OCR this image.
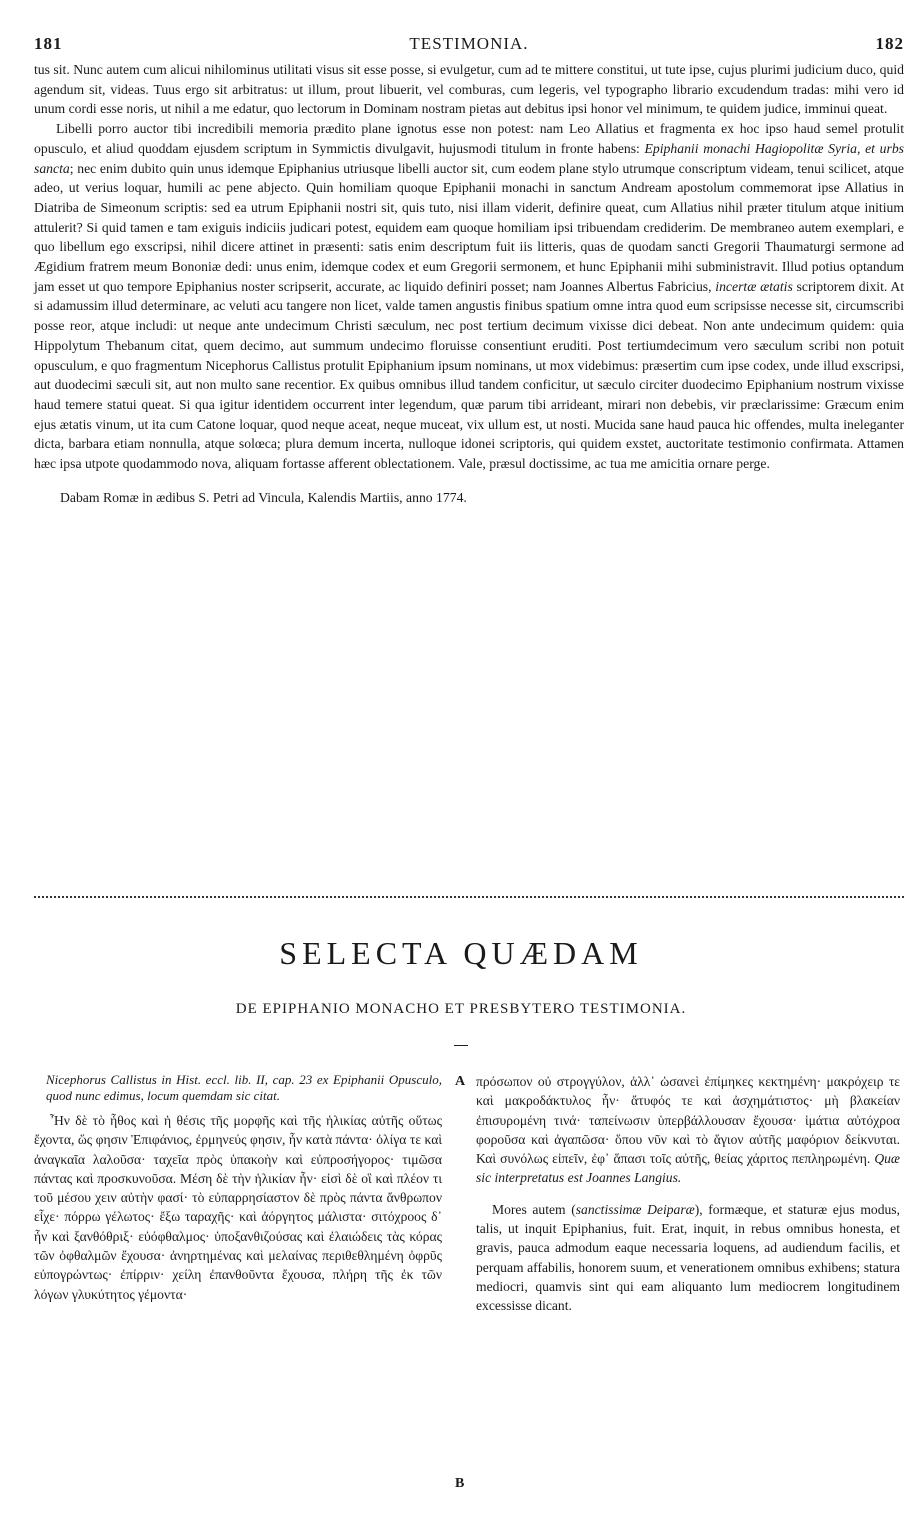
181	TESTIMONIA.	182

tus sit. Nunc autem cum alicui nihilominus utilitati visus sit esse posse, si evulgetur, cum ad te mittere constitui, ut tute ipse, cujus plurimi judicium duco, quid agendum sit, videas. Tuus ergo sit arbitratus: ut illum, prout libuerit, vel comburas, cum legeris, vel typographo librario excudendum tradas: mihi vero id unum cordi esse noris, ut nihil a me edatur, quo lectorum in Dominam nostram pietas aut debitus ipsi honor vel minimum, te quidem judice, imminui queat.

Libelli porro auctor tibi incredibili memoria prædito plane ignotus esse non potest: nam Leo Allatius et fragmenta ex hoc ipso haud semel protulit opusculo, et aliud quoddam ejusdem scriptum in Symmictis divulgavit, hujusmodi titulum in fronte habens: Epiphanii monachi Hagiopolitæ Syria, et urbs sancta; nec enim dubito quin unus idemque Epiphanius utriusque libelli auctor sit, cum eodem plane stylo utrumque conscriptum videam, tenui scilicet, atque adeo, ut verius loquar, humili ac pene abjecto. Quin homiliam quoque Epiphanii monachi in sanctum Andream apostolum commemorat ipse Allatius in Diatriba de Simeonum scriptis: sed ea utrum Epiphanii nostri sit, quis tuto, nisi illam viderit, definire queat, cum Allatius nihil præter titulum atque initium attulerit? Si quid tamen e tam exiguis indiciis judicari potest, equidem eam quoque homiliam ipsi tribuendam crediderim. De membraneo autem exemplari, e quo libellum ego exscripsi, nihil dicere attinet in præsenti: satis enim descriptum fuit iis litteris, quas de quodam sancti Gregorii Thaumaturgi sermone ad Ægidium fratrem meum Bononiæ dedi: unus enim, idemque codex et eum Gregorii sermonem, et hunc Epiphanii mihi subministravit. Illud potius optandum jam esset ut quo tempore Epiphanius noster scripserit, accurate, ac liquido definiri posset; nam Joannes Albertus Fabricius, incertæ ætatis scriptorem dixit. At si adamussim illud determinare, ac veluti acu tangere non licet, valde tamen angustis finibus spatium omne intra quod eum scripsisse necesse sit, circumscribi posse reor, atque includi: ut neque ante undecimum Christi sæculum, nec post tertium decimum vixisse dici debeat. Non ante undecimum quidem: quia Hippolytum Thebanum citat, quem decimo, aut summum undecimo floruisse consentiunt eruditi. Post tertiumdecimum vero sæculum scribi non potuit opusculum, e quo fragmentum Nicephorus Callistus protulit Epiphanium ipsum nominans, ut mox videbimus: præsertim cum ipse codex, unde illud exscripsi, aut duodecimi sæculi sit, aut non multo sane recentior. Ex quibus omnibus illud tandem conficitur, ut sæculo circiter duodecimo Epiphanium nostrum vixisse haud temere statui queat. Si qua igitur identidem occurrent inter legendum, quæ parum tibi arrideant, mirari non debebis, vir præclarissime: Græcum enim ejus ætatis vinum, ut ita cum Catone loquar, quod neque aceat, neque muceat, vix ullum est, ut nosti. Mucida sane haud pauca hic offendes, multa ineleganter dicta, barbara etiam nonnulla, atque solœca; plura demum incerta, nulloque idonei scriptoris, qui quidem exstet, auctoritate testimonio confirmata. Attamen hæc ipsa utpote quodammodo nova, aliquam fortasse afferent oblectationem. Vale, præsul doctissime, ac tua me amicitia ornare perge.

Dabam Romæ in ædibus S. Petri ad Vincula, Kalendis Martiis, anno 1774.

SELECTA QUÆDAM
DE EPIPHANIO MONACHO ET PRESBYTERO TESTIMONIA.

Nicephorus Callistus in Hist. eccl. lib. II, cap. 23 ex Epiphanii Opusculo, quod nunc edimus, locum quemdam sic citat.

Ἦν δὲ τὸ ἦθος καὶ ἡ θέσις τῆς μορφῆς καὶ τῆς ἡλικίας αὐτῆς οὕτως ἔχοντα, ὥς φησιν Ἐπιφάνιος, ἐρμηνεύς φησιν, ἦν κατὰ πάντα· ὀλίγα τε καὶ ἀναγκαῖα λαλοῦσα· ταχεῖα πρὸς ὑπακοὴν καὶ εὐπροσήγορος· τιμῶσα πάντας καὶ προσκυνοῦσα. Μέση δὲ τὴν ἡλικίαν ἦν· εἰσὶ δὲ οἳ καὶ πλέον τι τοῦ μέσου χειν αὐτὴν φασί· τὸ εὐπαρρησίαστον δὲ πρὸς πάντα ἄνθρωπον εἶχε· πόρρω γέλωτος· ἔξω ταραχῆς· καὶ ἀόργητος μάλιστα· σιτόχροος δ᾽ ἦν καὶ ξανθόθριξ· εὐόφθαλμος· ὑποξανθιζούσας καὶ ἐλαιώδεις τὰς κόρας τῶν ὀφθαλμῶν ἔχουσα· ἀνηρτημένας καὶ μελαίνας περιθεθλημένη ὀφρῦς εὐπογρώντως· ἐπίρριν· χείλη ἐπανθοῦντα ἔχουσα, πλήρη τῆς ἐκ τῶν λόγων γλυκύτητος γέμοντα·

A
B

πρόσωπον οὐ στρογγύλον, ἀλλ᾽ ὡσανεὶ ἐπίμηκες κεκτημένη· μακρόχειρ τε καὶ μακροδάκτυλος ἦν· ἄτυφός τε καὶ ἀσχημάτιστος· μὴ βλακείαν ἐπισυρομένη τινά· ταπείνωσιν ὑπερβάλλουσαν ἔχουσα· ἱμάτια αὐτόχροα φοροῦσα καὶ ἀγαπῶσα· ὅπου νῦν καὶ τὸ ἅγιον αὐτῆς μαφόριον δείκνυται. Καὶ συνόλως εἰπεῖν, ἐφ᾽ ἅπασι τοῖς αὐτῆς, θείας χάριτος πεπληρωμένη. Quæ sic interpretatus est Joannes Langius.

Mores autem (sanctissimæ Deiparæ), formæque, et staturæ ejus modus, talis, ut inquit Epiphanius, fuit. Erat, inquit, in rebus omnibus honesta, et gravis, pauca admodum eaque necessaria loquens, ad audiendum facilis, et perquam affabilis, honorem suum, et venerationem omnibus exhibens; statura mediocri, quamvis sint qui eam aliquanto lum mediocrem longitudinem excessisse dicant.
